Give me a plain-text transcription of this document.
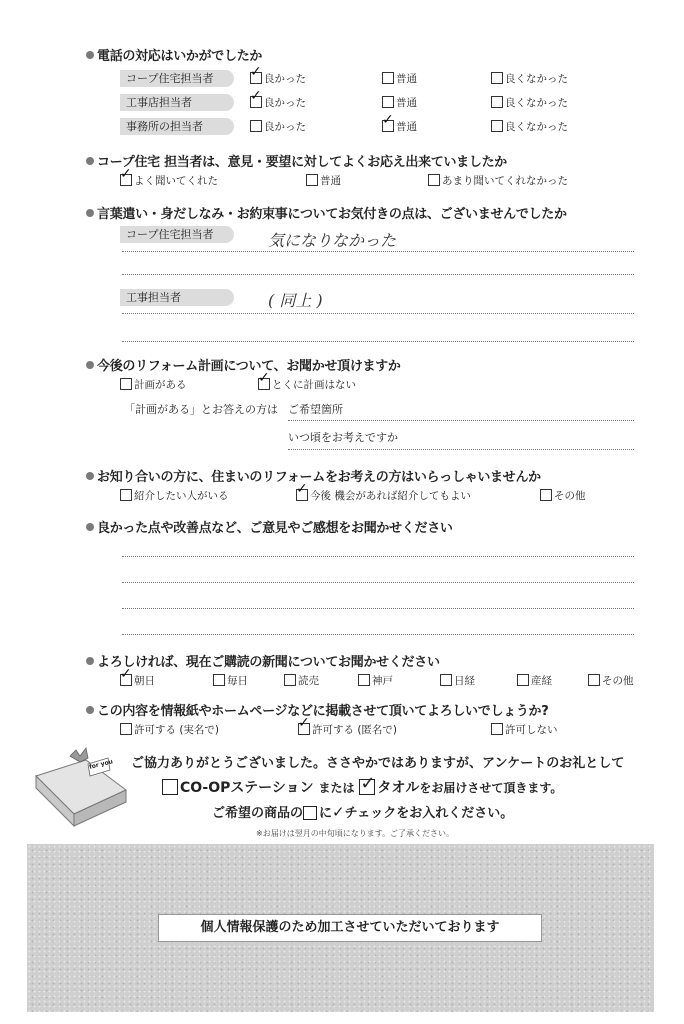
電話の対応はいかがでしたか
コープ住宅担当者 ✓	良かった	普通	良くなかった
工事店担当者 ✓	良かった	普通	良くなかった
事務所の担当者	良かった ✓	普通	良くなかった
コープ住宅 担当者は、意見・要望に対してよくお応え出来ていましたか
✓よく聞いてくれた	普通	あまり聞いてくれなかった
言葉遣い・身だしなみ・お約束事についてお気付きの点は、ございませんでしたか
コープ住宅担当者	気になりなかった
工事担当者	( 同上 )
今後のリフォーム計画について、お聞かせ頂けますか
計画がある ✓	とくに計画はない
「計画がある」とお答えの方は ご希望箇所
いつ頃をお考えですか
お知り合いの方に、住まいのリフォームをお考えの方はいらっしゃいませんか
紹介したい人がいる ✓	今後 機会があれば紹介してもよい	その他
良かった点や改善点など、ご意見やご感想をお聞かせください
よろしければ、現在ご購読の新聞についてお聞かせください
✓朝日	毎日	読売	神戸	日経	産経	その他
この内容を情報紙やホームページなどに掲載させて頂いてよろしいでしょうか?
許可する (実名で) ✓	許可する (匿名で)	許可しない
for you ご協力ありがとうございました。ささやかではありますが、アンケートのお礼として
CO-OPステーション または ✓ タオルをお届けさせて頂きます。
ご希望の商品の に✓チェックをお入れください。
※お届けは翌月の中旬頃になります。ご了承ください。
個人情報保護のため加工させていただいております
